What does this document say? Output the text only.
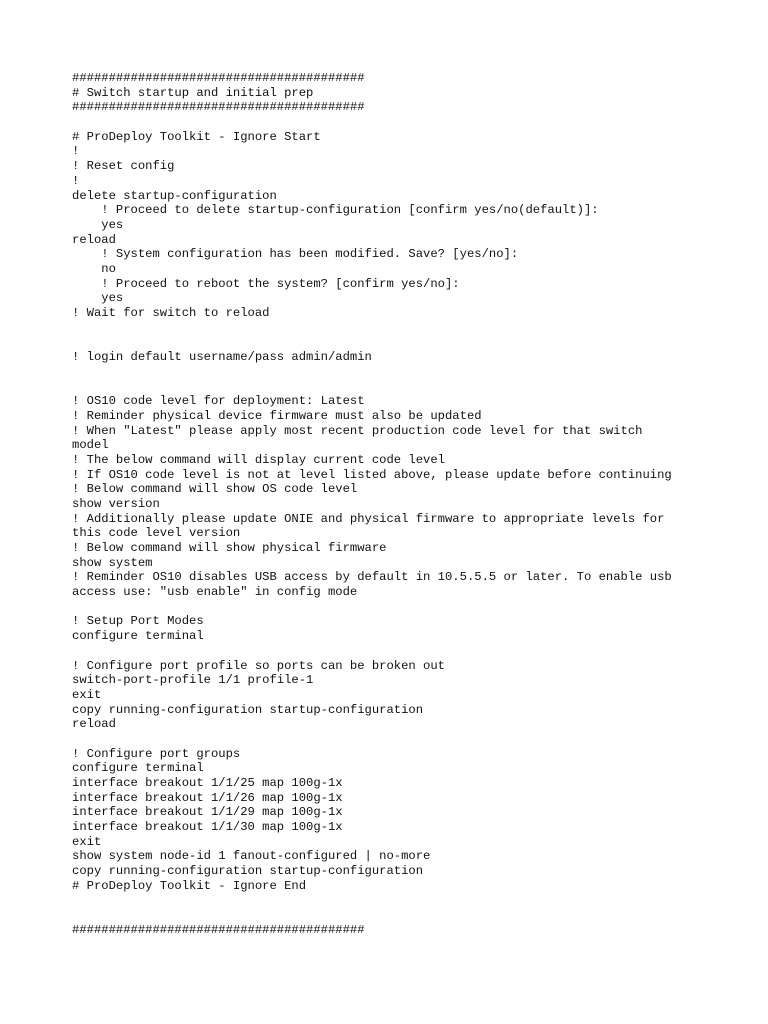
########################################
# Switch startup and initial prep
########################################
# ProDeploy Toolkit - Ignore Start
!
! Reset config
!
delete startup-configuration
! Proceed to delete startup-configuration [confirm yes/no(default)]:
yes
reload
! System configuration has been modified. Save? [yes/no]:
no
! Proceed to reboot the system? [confirm yes/no]:
yes
! Wait for switch to reload
! login default username/pass admin/admin
! OS10 code level for deployment: Latest
! Reminder physical device firmware must also be updated
! When "Latest" please apply most recent production code level for that switch
model
! The below command will display current code level
! If OS10 code level is not at level listed above, please update before continuing
! Below command will show OS code level
show version
! Additionally please update ONIE and physical firmware to appropriate levels for
this code level version
! Below command will show physical firmware
show system
! Reminder OS10 disables USB access by default in 10.5.5.5 or later. To enable usb
access use: "usb enable" in config mode
! Setup Port Modes
configure terminal
! Configure port profile so ports can be broken out
switch-port-profile 1/1 profile-1
exit
copy running-configuration startup-configuration
reload
! Configure port groups
configure terminal
interface breakout 1/1/25 map 100g-1x
interface breakout 1/1/26 map 100g-1x
interface breakout 1/1/29 map 100g-1x
interface breakout 1/1/30 map 100g-1x
exit
show system node-id 1 fanout-configured | no-more
copy running-configuration startup-configuration
# ProDeploy Toolkit - Ignore End
########################################
